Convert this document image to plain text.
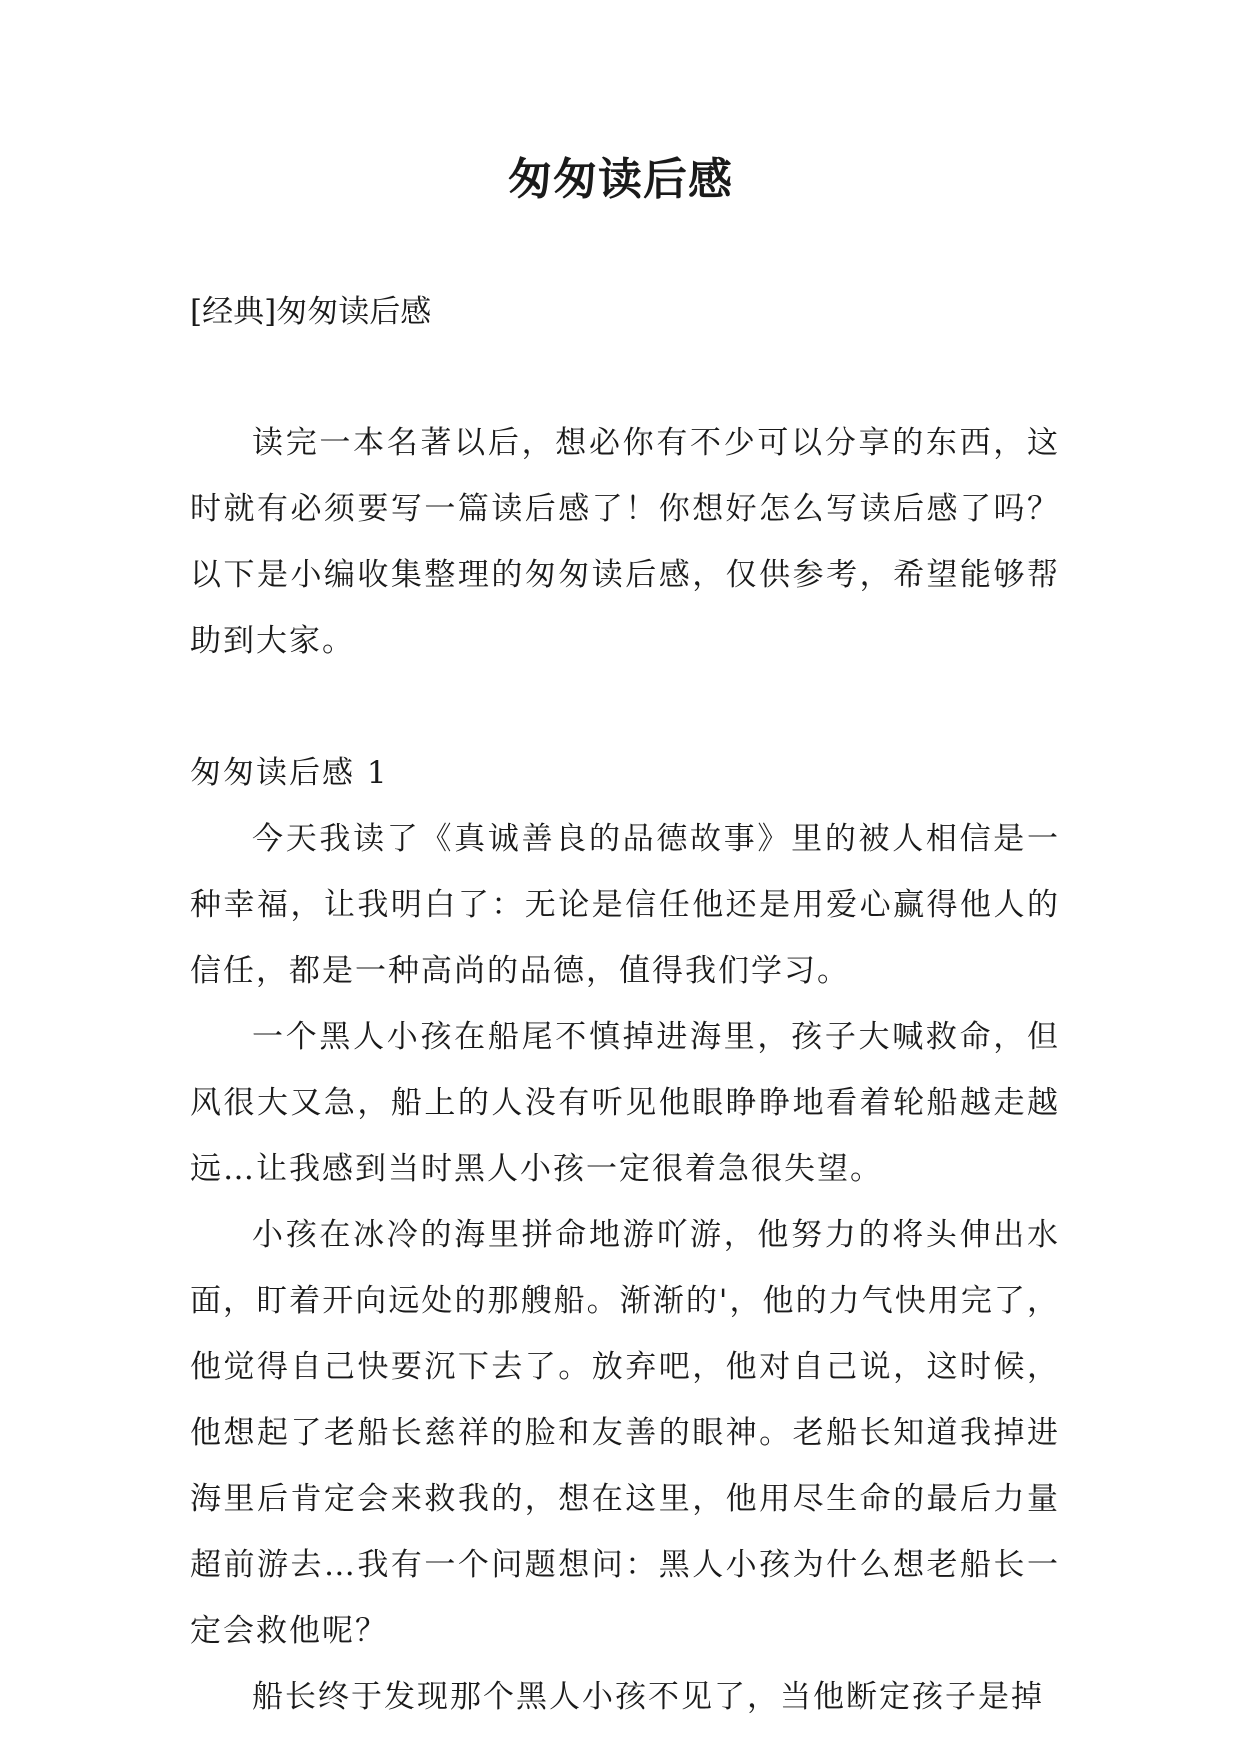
匆匆读后感
[经典]匆匆读后感

读完一本名著以后，想必你有不少可以分享的东西，这时就有必须要写一篇读后感了！你想好怎么写读后感了吗？以下是小编收集整理的匆匆读后感，仅供参考，希望能够帮助到大家。

匆匆读后感 1

今天我读了《真诚善良的品德故事》里的被人相信是一种幸福，让我明白了：无论是信任他还是用爱心赢得他人的信任，都是一种高尚的品德，值得我们学习。

一个黑人小孩在船尾不慎掉进海里，孩子大喊救命，但风很大又急，船上的人没有听见他眼睁睁地看着轮船越走越远…让我感到当时黑人小孩一定很着急很失望。

小孩在冰冷的海里拼命地游吖游，他努力的将头伸出水面，盯着开向远处的那艘船。渐渐的'，他的力气快用完了，他觉得自己快要沉下去了。放弃吧，他对自己说，这时候，他想起了老船长慈祥的脸和友善的眼神。老船长知道我掉进海里后肯定会来救我的，想在这里，他用尽生命的最后力量超前游去…我有一个问题想问：黑人小孩为什么想老船长一定会救他呢？

船长终于发现那个黑人小孩不见了，当他断定孩子是掉
